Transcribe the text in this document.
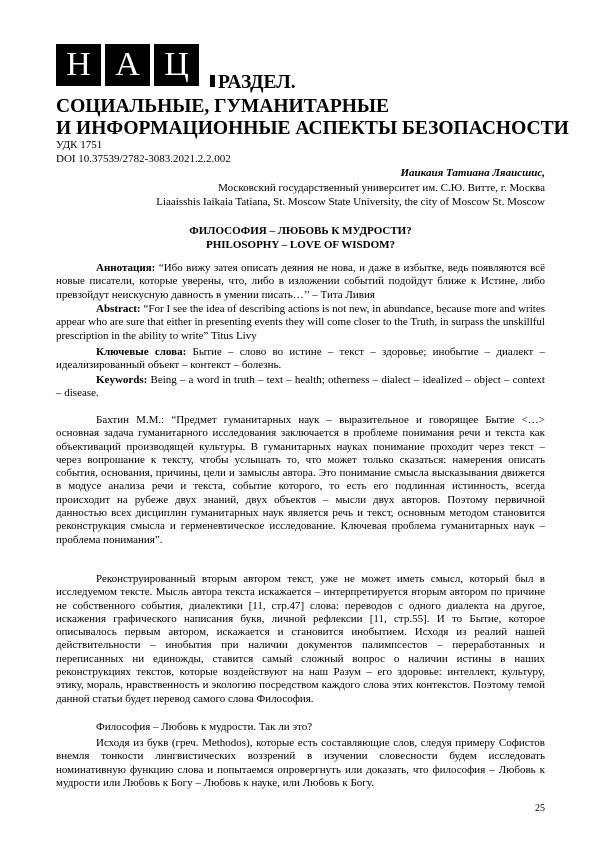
Н А Ц	РАЗДЕЛ.
СОЦИАЛЬНЫЕ, ГУМАНИТАРНЫЕ
И ИНФОРМАЦИОННЫЕ АСПЕКТЫ БЕЗОПАСНОСТИ
УДК 1751
DOI 10.37539/2782-3083.2021.2.2.002
Иаикаия Татиана Ляаисшис,
Московский государственный университет им. С.Ю. Витте, г. Москва
Liaaisshis Iaikaia Tatiana, St. Moscow State University, the city of Moscow St. Moscow
ФИЛОСОФИЯ – ЛЮБОВЬ К МУДРОСТИ?
PHILOSOPHY – LOVE OF WISDOM?
Аннотация: “Ибо вижу затея описать деяния не нова, и даже в избытке, ведь появляются всё новые писатели, которые уверены, что, либо в изложении событий подойдут ближе к Истине, либо превзойдут неискусную давность в умении писать…’’ – Тита Ливия
Abstract: “For I see the idea of describing actions is not new, in abundance, because more and writes appear who are sure that either in presenting events they will come closer to the Truth, in surpass the unskillful prescription in the ability to write” Titus Livy
Ключевые слова: Бытие – слово во истине – текст – здоровье; инобытие – диалект – идеализированный объект – контекст – болезнь.
Keywords: Being – a word in truth – text – health; otherness – dialect – idealized – object – context – disease.
Бахтин М.М.: “Предмет гуманитарных наук – выразительное и говорящее Бытие <…> основная задача гуманитарного исследования заключается в проблеме понимания речи и текста как объективаций производящей культуры. В гуманитарных науках понимание проходит через текст – через вопрошание к тексту, чтобы услышать то, что может только сказаться: намерения описать события, основания, причины, цели и замыслы автора. Это понимание смысла высказывания движется в модусе анализа речи и текста, событие которого, то есть его подлинная истинность, всегда происходит на рубеже двух знаний, двух объектов – мысли двух авторов. Поэтому первичной данностью всех дисциплин гуманитарных наук является речь и текст, основным методом становится реконструкция смысла и герменевтическое исследование. Ключевая проблема гуманитарных наук – проблема понимания”.
Реконструированный вторым автором текст, уже не может иметь смысл, который был в исследуемом тексте. Мысль автора текста искажается – интерпретируется вторым автором по причине не собственного события, диалектики [11, стр.47] слова: переводов с одного диалекта на другое, искажения графического написания букв, личной рефлексии [11, стр.55]. И то Бытие, которое описывалось первым автором, искажается и становится инобытием. Исходя из реалий нашей действительности – инобытия при наличии документов палимпсестов – переработанных и переписанных ни единожды, ставится самый сложный вопрос о наличии истины в наших реконструкциях текстов, которые воздействуют на наш Разум – его здоровье: интеллект, культуру, этику, мораль, нравственность и экологию посредством каждого слова этих контекстов. Поэтому темой данной статьи будет перевод самого слова Философия.
Философия – Любовь к мудрости. Так ли это?
Исходя из букв (греч. Methodos), которые есть составляющие слов, следуя примеру Софистов внемля тонкости лингвистических воззрений в изучении словесности будем исследовать номинативную функцию слова и попытаемся опровергнуть или доказать, что философия – Любовь к мудрости или Любовь к Богу – Любовь к науке, или Любовь к Богу.
25
